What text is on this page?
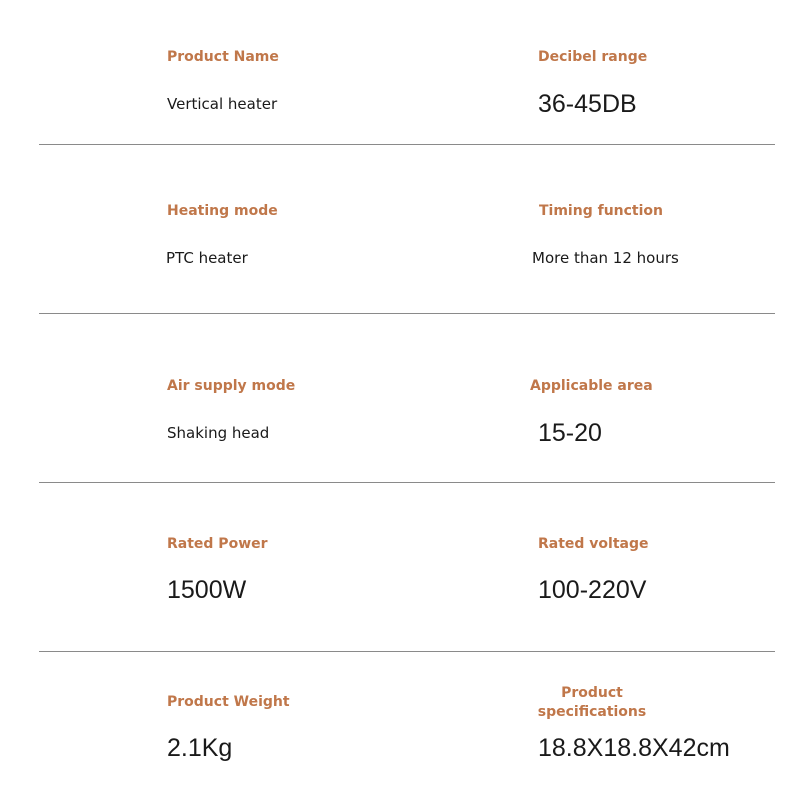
Product Name
Vertical heater
Decibel range
36-45DB
Heating mode
PTC heater
Timing function
More than 12 hours
Air supply mode
Shaking head
Applicable area
15-20
Rated Power
1500W
Rated voltage
100-220V
Product Weight
2.1Kg
Product specifications
18.8X18.8X42cm
